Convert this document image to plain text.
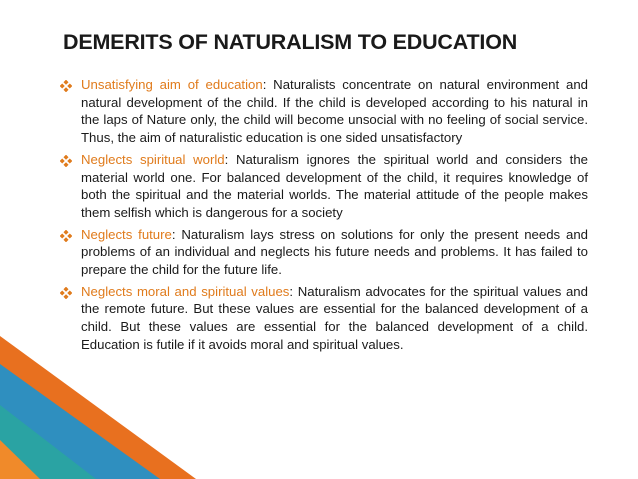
DEMERITS OF NATURALISM TO EDUCATION
Unsatisfying aim of education: Naturalists concentrate on natural environment and natural development of the child. If the child is developed according to his natural in the laps of Nature only, the child will become unsocial with no feeling of social service. Thus, the aim of naturalistic education is one sided unsatisfactory
Neglects spiritual world: Naturalism ignores the spiritual world and considers the material world one. For balanced development of the child, it requires knowledge of both the spiritual and the material worlds. The material attitude of the people makes them selfish which is dangerous for a society
Neglects future: Naturalism lays stress on solutions for only the present needs and problems of an individual and neglects his future needs and problems. It has failed to prepare the child for the future life.
Neglects moral and spiritual values: Naturalism advocates for the spiritual values and the remote future. But these values are essential for the balanced development of a child. But these values are essential for the balanced development of a child. Education is futile if it avoids moral and spiritual values.
